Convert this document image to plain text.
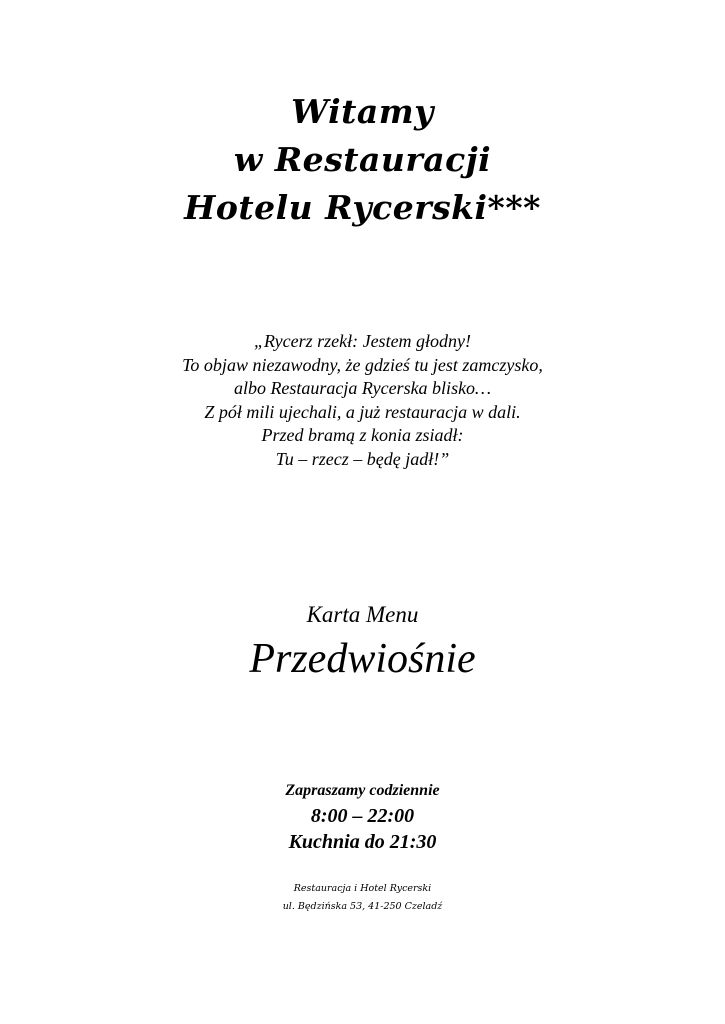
Witamy
w Restauracji
Hotelu Rycerski***
„Rycerz rzekł: Jestem głodny!
To objaw niezawodny, że gdzieś tu jest zamczysko,
albo Restauracja Rycerska blisko…
Z pół mili ujechali, a już restauracja w dali.
Przed bramą z konia zsiadł:
Tu – rzecz – będę jadł!”
Karta Menu
Przedwiośnie
Zapraszamy codziennie
8:00 – 22:00
Kuchnia do 21:30
Restauracja i Hotel Rycerski
ul. Będzińska 53, 41-250 Czeladź
